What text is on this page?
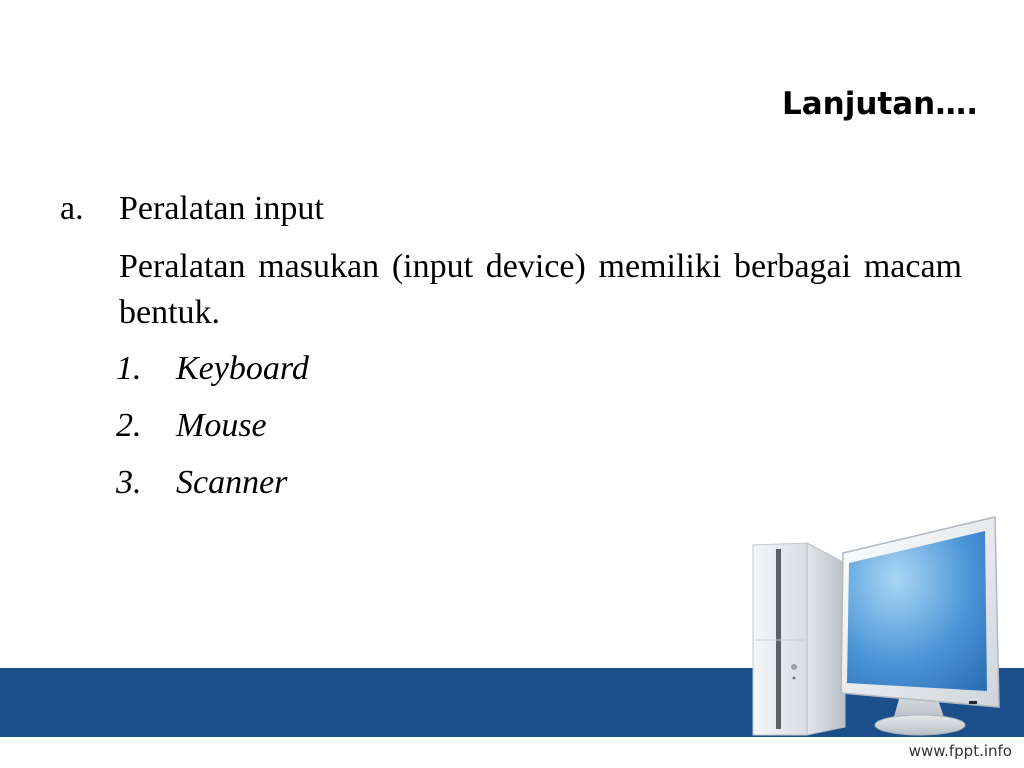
Lanjutan….
a.	Peralatan input
Peralatan masukan (input device) memiliki berbagai macam bentuk.
1.	Keyboard
2.	Mouse
3.	Scanner
www.fppt.info
